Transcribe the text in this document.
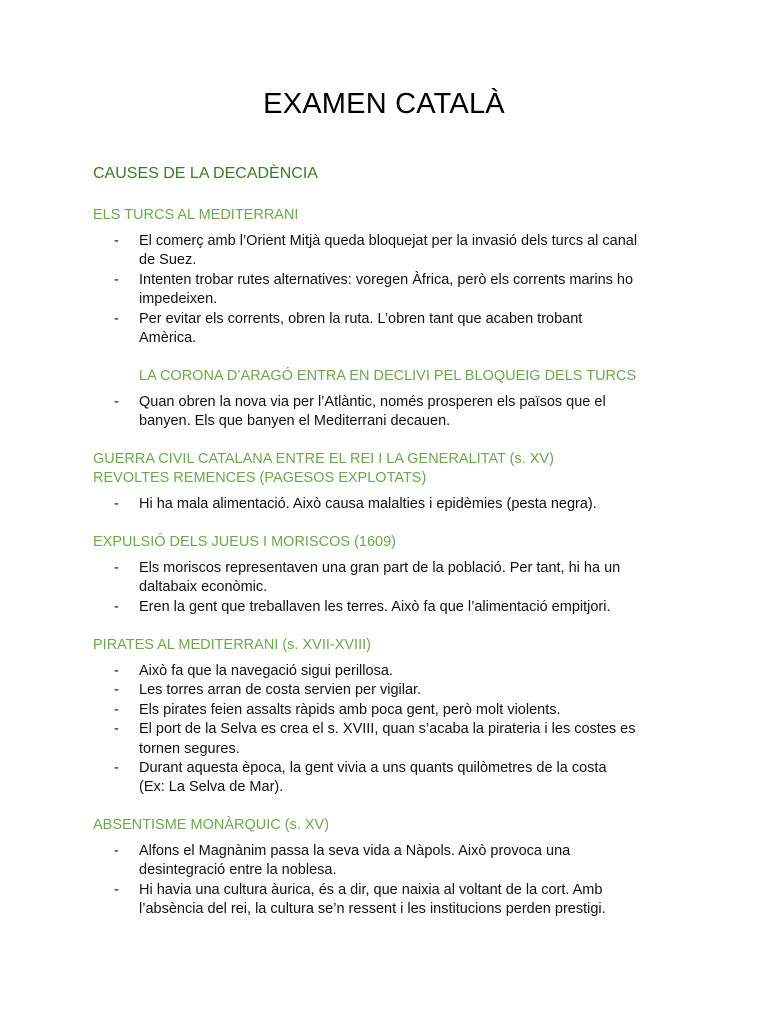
EXAMEN CATALÀ
CAUSES DE LA DECADÈNCIA
ELS TURCS AL MEDITERRANI
- El comerç amb l’Orient Mitjà queda bloquejat per la invasió dels turcs al canal
de Suez.
- Intenten trobar rutes alternatives: voregen Àfrica, però els corrents marins ho
impedeixen.
- Per evitar els corrents, obren la ruta. L’obren tant que acaben trobant
Amèrica.
LA CORONA D’ARAGÓ ENTRA EN DECLIVI PEL BLOQUEIG DELS TURCS
- Quan obren la nova via per l’Atlàntic, només prosperen els països que el
banyen. Els que banyen el Mediterrani decauen.
GUERRA CIVIL CATALANA ENTRE EL REI I LA GENERALITAT (s. XV)
REVOLTES REMENCES (PAGESOS EXPLOTATS)
- Hi ha mala alimentació. Això causa malalties i epidèmies (pesta negra).
EXPULSIÓ DELS JUEUS I MORISCOS (1609)
- Els moriscos representaven una gran part de la població. Per tant, hi ha un
daltabaix econòmic.
- Eren la gent que treballaven les terres. Això fa que l’alimentació empitjori.
PIRATES AL MEDITERRANI (s. XVII-XVIII)
- Això fa que la navegació sigui perillosa.
- Les torres arran de costa servien per vigilar.
- Els pirates feien assalts ràpids amb poca gent, però molt violents.
- El port de la Selva es crea el s. XVIII, quan s’acaba la pirateria i les costes es
tornen segures.
- Durant aquesta època, la gent vivia a uns quants quilòmetres de la costa
(Ex: La Selva de Mar).
ABSENTISME MONÀRQUIC (s. XV)
- Alfons el Magnànim passa la seva vida a Nàpols. Això provoca una
desintegració entre la noblesa.
- Hi havia una cultura àurica, és a dir, que naixia al voltant de la cort. Amb
l’absència del rei, la cultura se’n ressent i les institucions perden prestigi.
